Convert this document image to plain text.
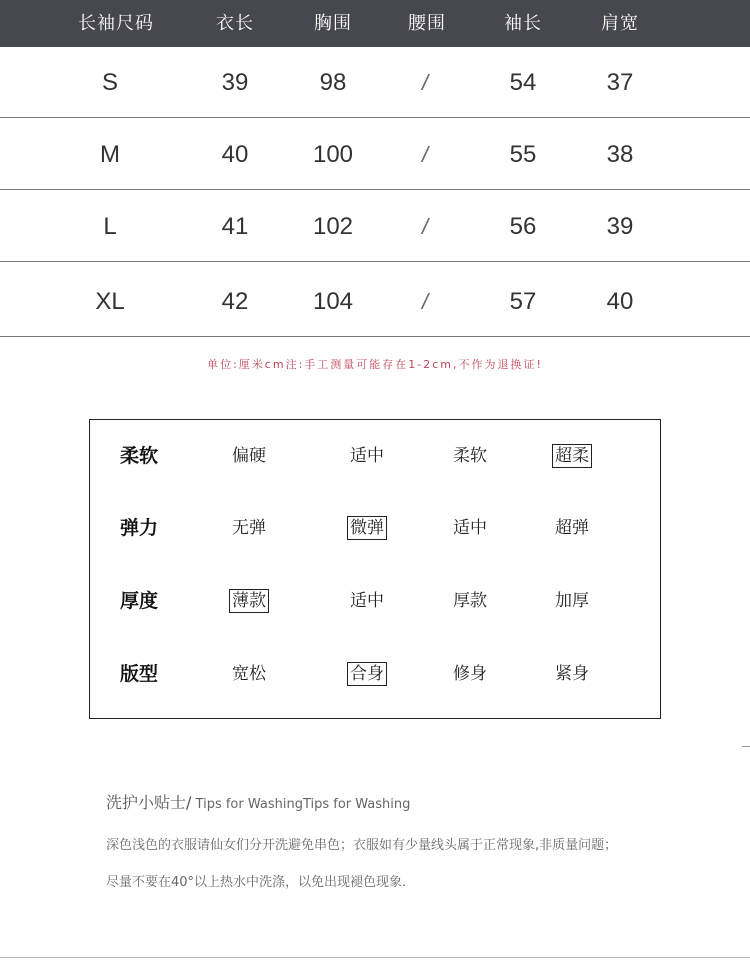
长袖尺码	衣长	胸围	腰围	袖长	肩宽
S	39	98	/	54	37
M	40	100	/	55	38
L	41	102	/	56	39
XL	42	104	/	57	40
单位:厘米cm注:手工测量可能存在1-2cm,不作为退换证!
柔软	偏硬	适中	柔软	超柔
弹力	无弹	微弹	适中	超弹
厚度	薄款	适中	厚款	加厚
版型	宽松	合身	修身	紧身
洗护小贴士/ Tips for WashingTips for Washing
深色浅色的衣服请仙女们分开洗避免串色；衣服如有少量线头属于正常现象,非质量问题；
尽量不要在40°以上热水中洗涤，以免出现褪色现象.
